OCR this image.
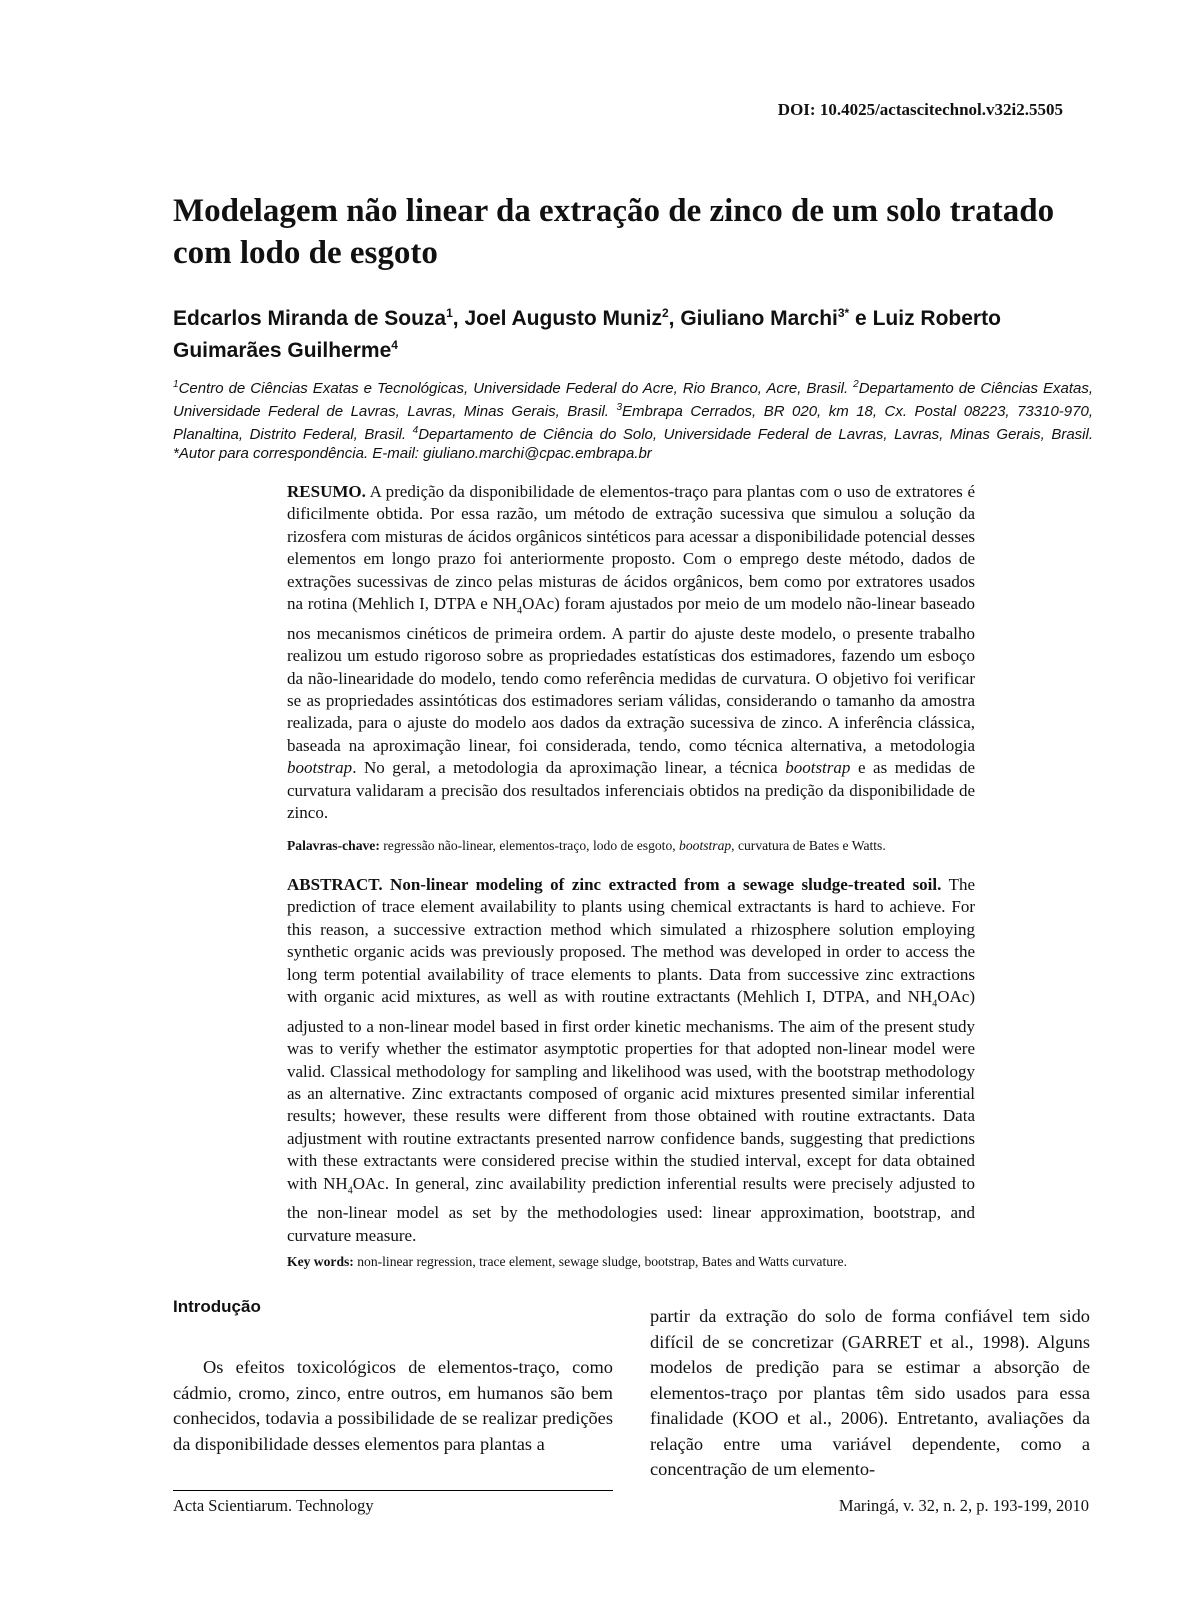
DOI: 10.4025/actascitechnol.v32i2.5505
Modelagem não linear da extração de zinco de um solo tratado com lodo de esgoto
Edcarlos Miranda de Souza$^1$, Joel Augusto Muniz$^2$, Giuliano Marchi$^{3*}$ e Luiz Roberto Guimarães Guilherme$^4$
$^1$Centro de Ciências Exatas e Tecnológicas, Universidade Federal do Acre, Rio Branco, Acre, Brasil. $^2$Departamento de Ciências Exatas, Universidade Federal de Lavras, Lavras, Minas Gerais, Brasil. $^3$Embrapa Cerrados, BR 020, km 18, Cx. Postal 08223, 73310-970, Planaltina, Distrito Federal, Brasil. $^4$Departamento de Ciência do Solo, Universidade Federal de Lavras, Lavras, Minas Gerais, Brasil. *Autor para correspondência. E-mail: giuliano.marchi@cpac.embrapa.br
RESUMO. A predição da disponibilidade de elementos-traço para plantas com o uso de extratores é dificilmente obtida. Por essa razão, um método de extração sucessiva que simulou a solução da rizosfera com misturas de ácidos orgânicos sintéticos para acessar a disponibilidade potencial desses elementos em longo prazo foi anteriormente proposto. Com o emprego deste método, dados de extrações sucessivas de zinco pelas misturas de ácidos orgânicos, bem como por extratores usados na rotina (Mehlich I, DTPA e $NH_4OAc$) foram ajustados por meio de um modelo não-linear baseado nos mecanismos cinéticos de primeira ordem. A partir do ajuste deste modelo, o presente trabalho realizou um estudo rigoroso sobre as propriedades estatísticas dos estimadores, fazendo um esboço da não-linearidade do modelo, tendo como referência medidas de curvatura. O objetivo foi verificar se as propriedades assintóticas dos estimadores seriam válidas, considerando o tamanho da amostra realizada, para o ajuste do modelo aos dados da extração sucessiva de zinco. A inferência clássica, baseada na aproximação linear, foi considerada, tendo, como técnica alternativa, a metodologia bootstrap. No geral, a metodologia da aproximação linear, a técnica bootstrap e as medidas de curvatura validaram a precisão dos resultados inferenciais obtidos na predição da disponibilidade de zinco.
Palavras-chave: regressão não-linear, elementos-traço, lodo de esgoto, bootstrap, curvatura de Bates e Watts.
ABSTRACT. Non-linear modeling of zinc extracted from a sewage sludge-treated soil. The prediction of trace element availability to plants using chemical extractants is hard to achieve. For this reason, a successive extraction method which simulated a rhizosphere solution employing synthetic organic acids was previously proposed. The method was developed in order to access the long term potential availability of trace elements to plants. Data from successive zinc extractions with organic acid mixtures, as well as with routine extractants (Mehlich I, DTPA, and $NH_4OAc$) adjusted to a non-linear model based in first order kinetic mechanisms. The aim of the present study was to verify whether the estimator asymptotic properties for that adopted non-linear model were valid. Classical methodology for sampling and likelihood was used, with the bootstrap methodology as an alternative. Zinc extractants composed of organic acid mixtures presented similar inferential results; however, these results were different from those obtained with routine extractants. Data adjustment with routine extractants presented narrow confidence bands, suggesting that predictions with these extractants were considered precise within the studied interval, except for data obtained with $NH_4OAc$. In general, zinc availability prediction inferential results were precisely adjusted to the non-linear model as set by the methodologies used: linear approximation, bootstrap, and curvature measure.
Key words: non-linear regression, trace element, sewage sludge, bootstrap, Bates and Watts curvature.
Introdução
Os efeitos toxicológicos de elementos-traço, como cádmio, cromo, zinco, entre outros, em humanos são bem conhecidos, todavia a possibilidade de se realizar predições da disponibilidade desses elementos para plantas a
partir da extração do solo de forma confiável tem sido difícil de se concretizar (GARRET et al., 1998). Alguns modelos de predição para se estimar a absorção de elementos-traço por plantas têm sido usados para essa finalidade (KOO et al., 2006). Entretanto, avaliações da relação entre uma variável dependente, como a concentração de um elemento-
Acta Scientiarum. Technology	Maringá, v. 32, n. 2, p. 193-199, 2010
